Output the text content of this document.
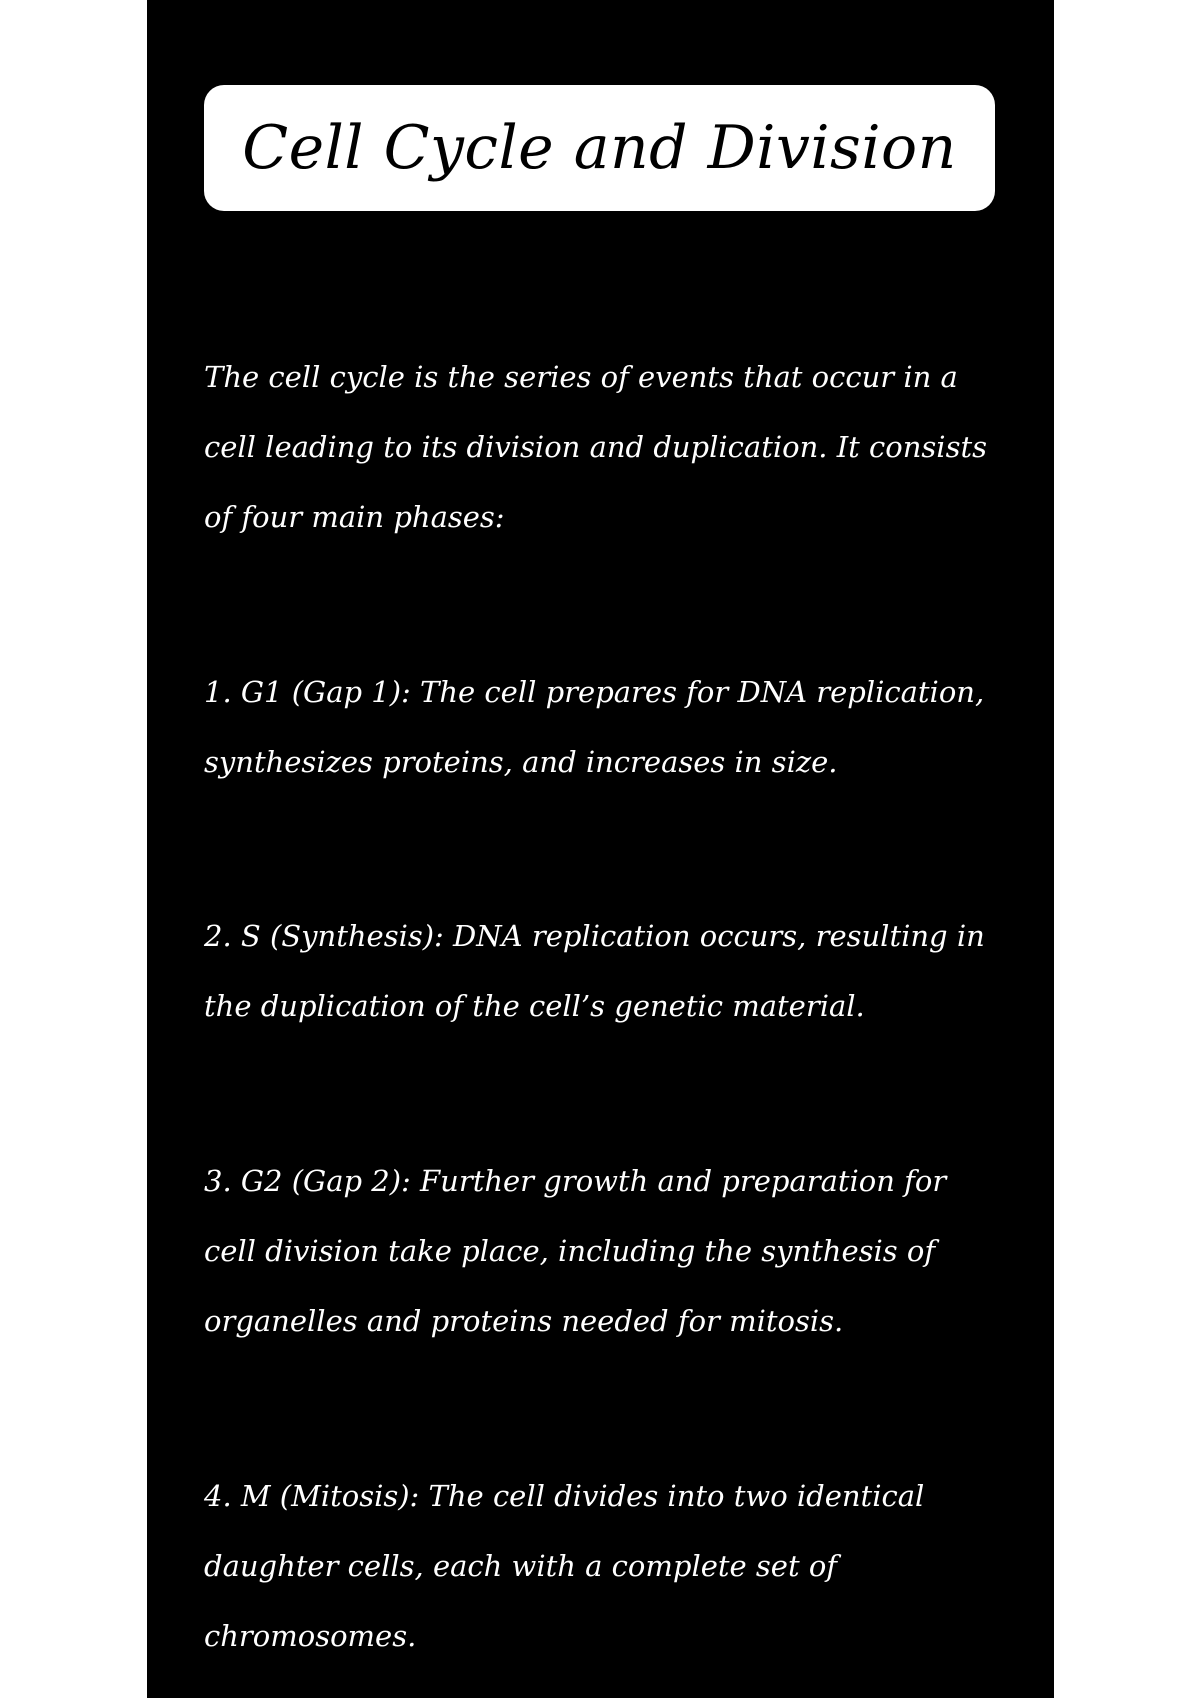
Cell Cycle and Division

The cell cycle is the series of events that occur in a cell leading to its division and duplication. It consists of four main phases:

1. G1 (Gap 1): The cell prepares for DNA replication, synthesizes proteins, and increases in size.

2. S (Synthesis): DNA replication occurs, resulting in the duplication of the cell’s genetic material.

3. G2 (Gap 2): Further growth and preparation for cell division take place, including the synthesis of organelles and proteins needed for mitosis.

4. M (Mitosis): The cell divides into two identical daughter cells, each with a complete set of chromosomes.
